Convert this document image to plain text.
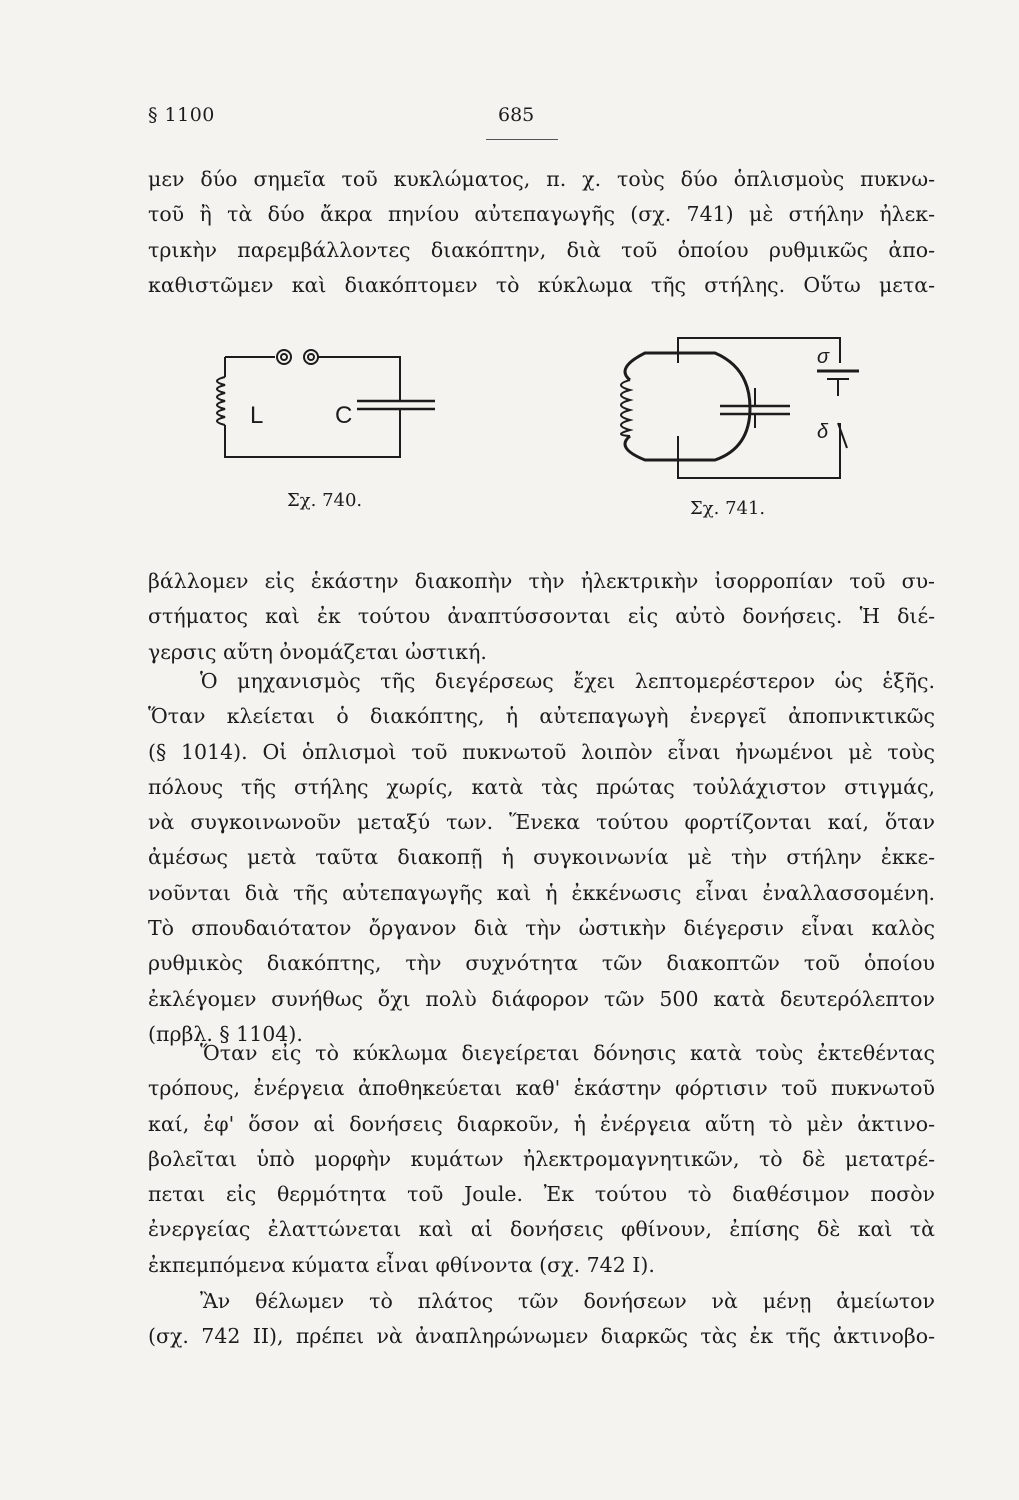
§ 1100	685
μεν δύο σημεῖα τοῦ κυκλώματος, π. χ. τοὺς δύο ὁπλισμοὺς πυκνω-
τοῦ ἢ τὰ δύο ἄκρα πηνίου αὐτεπαγωγῆς (σχ. 741) μὲ στήλην ἠλεκ-
τρικὴν παρεμβάλλοντες διακόπτην, διὰ τοῦ ὁποίου ρυθμικῶς ἀπο-
καθιστῶμεν καὶ διακόπτομεν τὸ κύκλωμα τῆς στήλης. Οὕτω μετα-
L	C
Σχ. 740.
σ
δ
Σχ. 741.
βάλλομεν εἰς ἑκάστην διακοπὴν τὴν ἠλεκτρικὴν ἰσορροπίαν τοῦ συ-
στήματος καὶ ἐκ τούτου ἀναπτύσσονται εἰς αὐτὸ δονήσεις. Ἡ διέ-
γερσις αὕτη ὀνομάζεται ὠστική.
Ὁ μηχανισμὸς τῆς διεγέρσεως ἔχει λεπτομερέστερον ὡς ἑξῆς.
Ὅταν κλείεται ὁ διακόπτης, ἡ αὐτεπαγωγὴ ἐνεργεῖ ἀποπνικτικῶς
(§ 1014). Οἱ ὁπλισμοὶ τοῦ πυκνωτοῦ λοιπὸν εἶναι ἠνωμένοι μὲ τοὺς
πόλους τῆς στήλης χωρίς, κατὰ τὰς πρώτας τοὐλάχιστον στιγμάς,
νὰ συγκοινωνοῦν μεταξύ των. Ἕνεκα τούτου φορτίζονται καί, ὅταν
ἀμέσως μετὰ ταῦτα διακοπῇ ἡ συγκοινωνία μὲ τὴν στήλην ἐκκε-
νοῦνται διὰ τῆς αὐτεπαγωγῆς καὶ ἡ ἐκκένωσις εἶναι ἐναλλασσομένη.
Τὸ σπουδαιότατον ὄργανον διὰ τὴν ὠστικὴν διέγερσιν εἶναι καλὸς
ρυθμικὸς διακόπτης, τὴν συχνότητα τῶν διακοπτῶν τοῦ ὁποίου
ἐκλέγομεν συνήθως ὄχι πολὺ διάφορον τῶν 500 κατὰ δευτερόλεπτον
(πρβλ. § 1104).
Ὅταν εἰς τὸ κύκλωμα διεγείρεται δόνησις κατὰ τοὺς ἐκτεθέντας
τρόπους, ἐνέργεια ἀποθηκεύεται καθ' ἑκάστην φόρτισιν τοῦ πυκνωτοῦ
καί, ἐφ' ὅσον αἱ δονήσεις διαρκοῦν, ἡ ἐνέργεια αὕτη τὸ μὲν ἀκτινο-
βολεῖται ὑπὸ μορφὴν κυμάτων ἠλεκτρομαγνητικῶν, τὸ δὲ μετατρέ-
πεται εἰς θερμότητα τοῦ Joule. Ἐκ τούτου τὸ διαθέσιμον ποσὸν
ἐνεργείας ἐλαττώνεται καὶ αἱ δονήσεις φθίνουν, ἐπίσης δὲ καὶ τὰ
ἐκπεμπόμενα κύματα εἶναι φθίνοντα (σχ. 742 Ι).
Ἂν θέλωμεν τὸ πλάτος τῶν δονήσεων νὰ μένῃ ἀμείωτον
(σχ. 742 ΙΙ), πρέπει νὰ ἀναπληρώνωμεν διαρκῶς τὰς ἐκ τῆς ἀκτινοβο-
